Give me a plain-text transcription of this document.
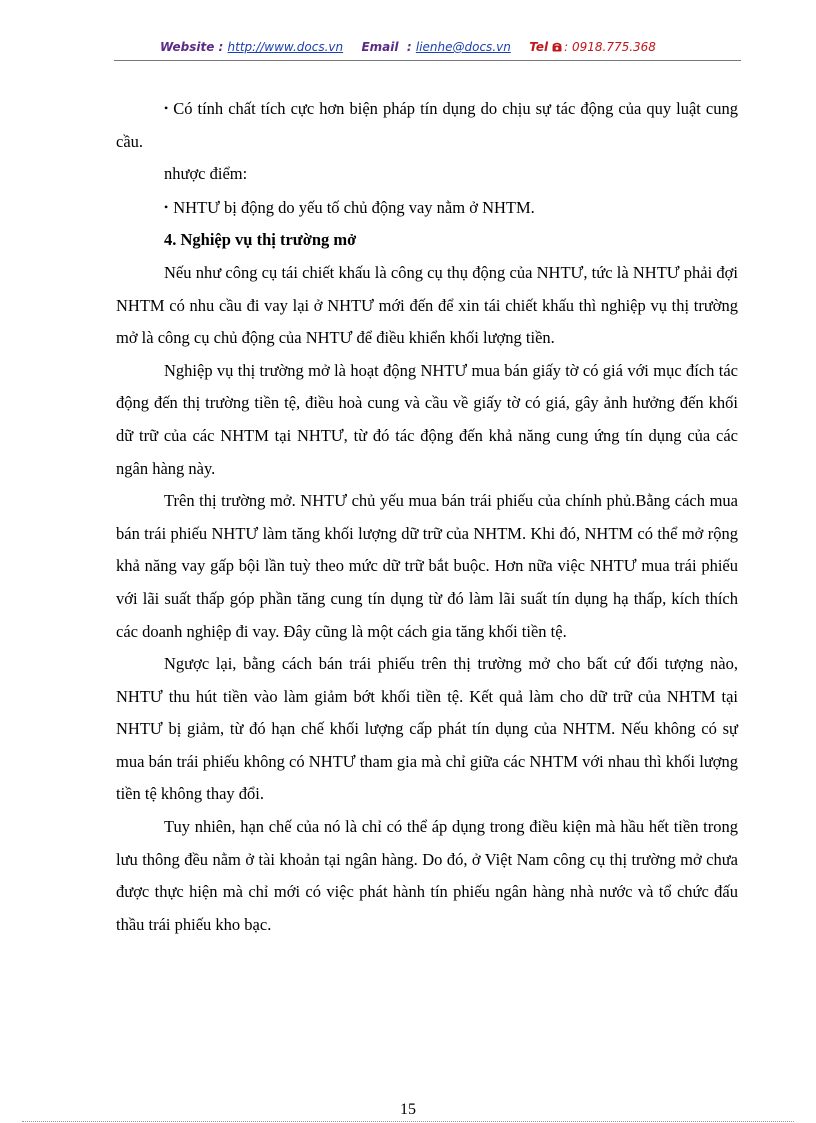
Website : http://www.docs.vn Email  : lienhe@docs.vn Tel : 0918.775.368

• Có tính chất tích cực hơn biện pháp tín dụng do chịu sự tác động của quy luật cung cầu.

nhược điểm:

• NHTƯ bị động do yếu tố chủ động vay nằm ở NHTM.

4. Nghiệp vụ thị trường mở

Nếu như công cụ tái chiết khấu là công cụ thụ động của NHTƯ, tức là NHTƯ phải đợi NHTM có nhu cầu đi vay lại ở NHTƯ mới đến để xin tái chiết khấu thì nghiệp vụ thị trường mở là công cụ chủ động của NHTƯ để điều khiển khối lượng tiền.

Nghiệp vụ thị trường mở là hoạt động NHTƯ mua bán giấy tờ có giá với mục đích tác động đến thị trường tiền tệ, điều hoà cung và cầu về giấy tờ có giá, gây ảnh hưởng đến khối dữ trữ của các NHTM tại NHTƯ, từ đó tác động đến khả năng cung ứng tín dụng của các ngân hàng này.

Trên thị trường mở. NHTƯ chủ yếu mua bán trái phiếu của chính phủ.Bằng cách mua bán trái phiếu NHTƯ làm tăng khối lượng dữ trữ của NHTM. Khi đó, NHTM có thể mở rộng khả năng vay gấp bội lần tuỳ theo mức dữ trữ bắt buộc. Hơn nữa việc NHTƯ mua trái phiếu với lãi suất thấp góp phần tăng cung tín dụng từ đó làm lãi suất tín dụng hạ thấp, kích thích các doanh nghiệp đi vay. Đây cũng là một cách gia tăng khối tiền tệ.

Ngược lại, bằng cách bán trái phiếu trên thị trường mở cho bất cứ đối tượng nào, NHTƯ thu hút tiền vào làm giảm bớt khối tiền tệ. Kết quả làm cho dữ trữ của NHTM tại NHTƯ bị giảm, từ đó hạn chế khối lượng cấp phát tín dụng của NHTM. Nếu không có sự mua bán trái phiếu không có NHTƯ tham gia mà chỉ giữa các NHTM với nhau thì khối lượng tiền tệ không thay đổi.

Tuy nhiên, hạn chế của nó là chỉ có thể áp dụng trong điều kiện mà hầu hết tiền trong lưu thông đều nằm ở tài khoản tại ngân hàng. Do đó, ở Việt Nam công cụ thị trường mở chưa được thực hiện mà chỉ mới có việc phát hành tín phiếu ngân hàng nhà nước và tổ chức đấu thầu trái phiếu kho bạc.

15
